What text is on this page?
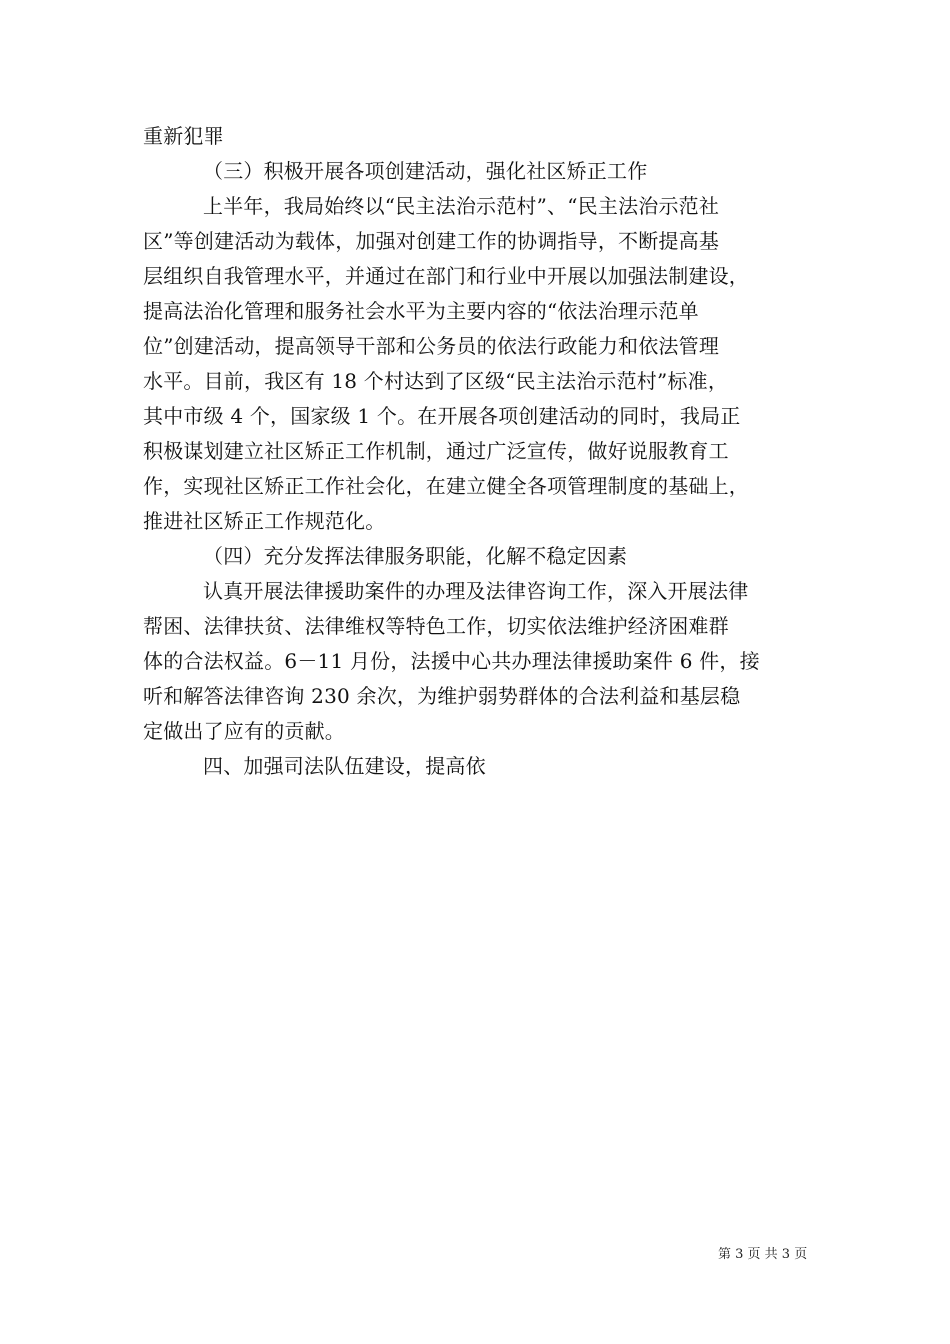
重新犯罪
（三）积极开展各项创建活动，强化社区矫正工作
上半年，我局始终以“民主法治示范村”、“民主法治示范社
区”等创建活动为载体，加强对创建工作的协调指导，不断提高基
层组织自我管理水平，并通过在部门和行业中开展以加强法制建设，
提高法治化管理和服务社会水平为主要内容的“依法治理示范单
位”创建活动，提高领导干部和公务员的依法行政能力和依法管理
水平。目前，我区有 18 个村达到了区级“民主法治示范村”标准，
其中市级 4 个，国家级 1 个。在开展各项创建活动的同时，我局正
积极谋划建立社区矫正工作机制，通过广泛宣传，做好说服教育工
作，实现社区矫正工作社会化，在建立健全各项管理制度的基础上，
推进社区矫正工作规范化。
（四）充分发挥法律服务职能，化解不稳定因素
认真开展法律援助案件的办理及法律咨询工作，深入开展法律
帮困、法律扶贫、法律维权等特色工作，切实依法维护经济困难群
体的合法权益。6－11 月份，法援中心共办理法律援助案件 6 件，接
听和解答法律咨询 230 余次，为维护弱势群体的合法利益和基层稳
定做出了应有的贡献。
四、加强司法队伍建设，提高依
第 3 页 共 3 页
